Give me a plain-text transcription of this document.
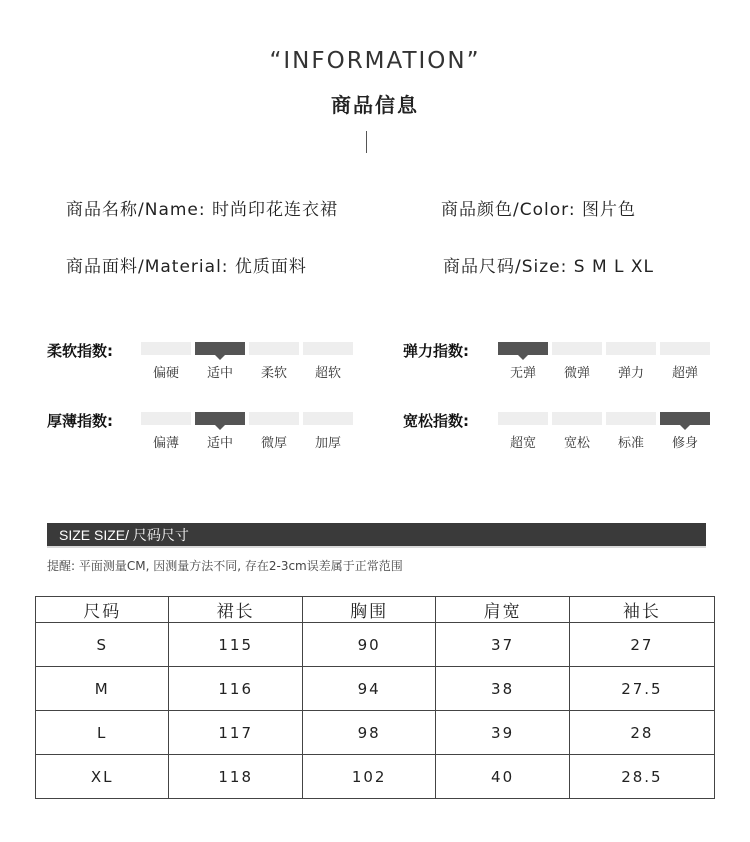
“INFORMATION”
商品信息
商品名称/Name: 时尚印花连衣裙	商品颜色/Color: 图片色
商品面料/Material: 优质面料	商品尺码/Size: S M L XL
柔软指数:
偏硬	适中	柔软	超软
弹力指数:
无弹	微弹	弹力	超弹
厚薄指数:
偏薄	适中	微厚	加厚
宽松指数:
超宽	宽松	标准	修身
SIZE SIZE/ 尺码尺寸
提醒: 平面测量CM, 因测量方法不同, 存在2-3cm误差属于正常范围
尺码	裙长	胸围	肩宽	袖长
S	115	90	37	27
M	116	94	38	27.5
L	117	98	39	28
XL	118	102	40	28.5
